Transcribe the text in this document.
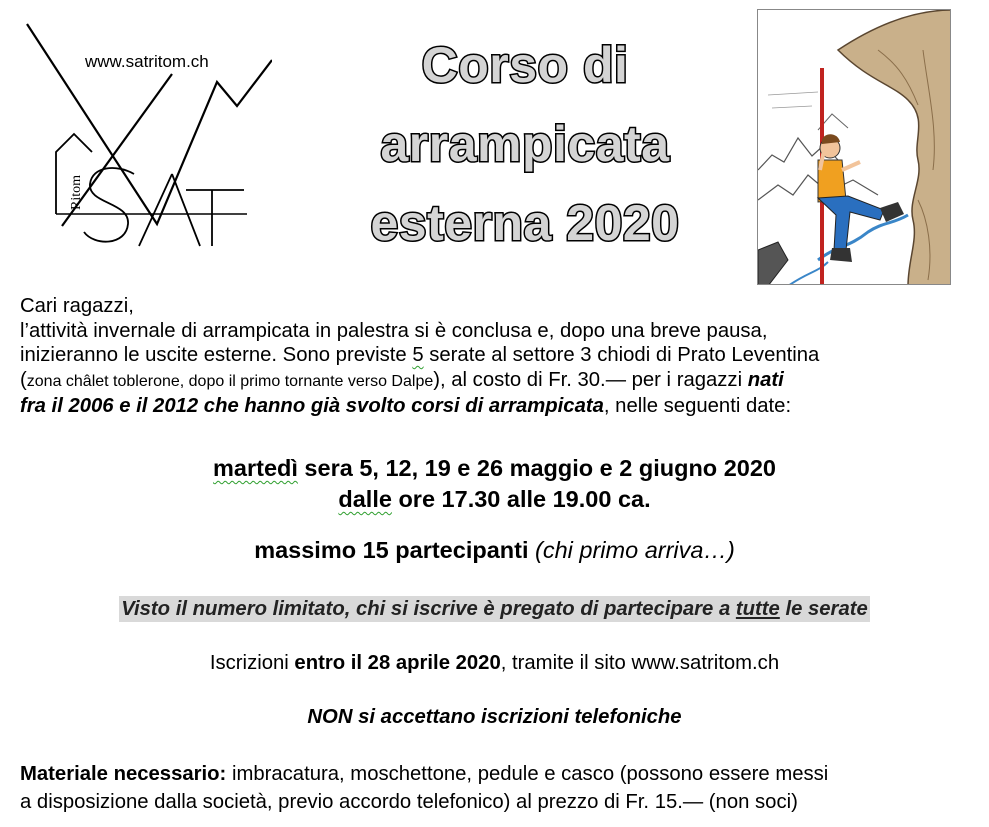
Ritom
www.satritom.ch	Corso di
arrampicata
esterna 2020
Cari ragazzi,
l’attività invernale di arrampicata in palestra si è conclusa e, dopo una breve pausa,
inizieranno le uscite esterne. Sono previste 5 serate al settore 3 chiodi di Prato Leventina
(zona châlet toblerone, dopo il primo tornante verso Dalpe), al costo di Fr. 30.— per i ragazzi nati
fra il 2006 e il 2012 che hanno già svolto corsi di arrampicata, nelle seguenti date:
martedì sera 5, 12, 19 e 26 maggio e 2 giugno 2020
dalle ore 17.30 alle 19.00 ca.
massimo 15 partecipanti (chi primo arriva…)
Visto il numero limitato, chi si iscrive è pregato di partecipare a tutte le serate
Iscrizioni entro il 28 aprile 2020, tramite il sito www.satritom.ch
NON si accettano iscrizioni telefoniche
Materiale necessario: imbracatura, moschettone, pedule e casco (possono essere messi
a disposizione dalla società, previo accordo telefonico) al prezzo di Fr. 15.— (non soci)
